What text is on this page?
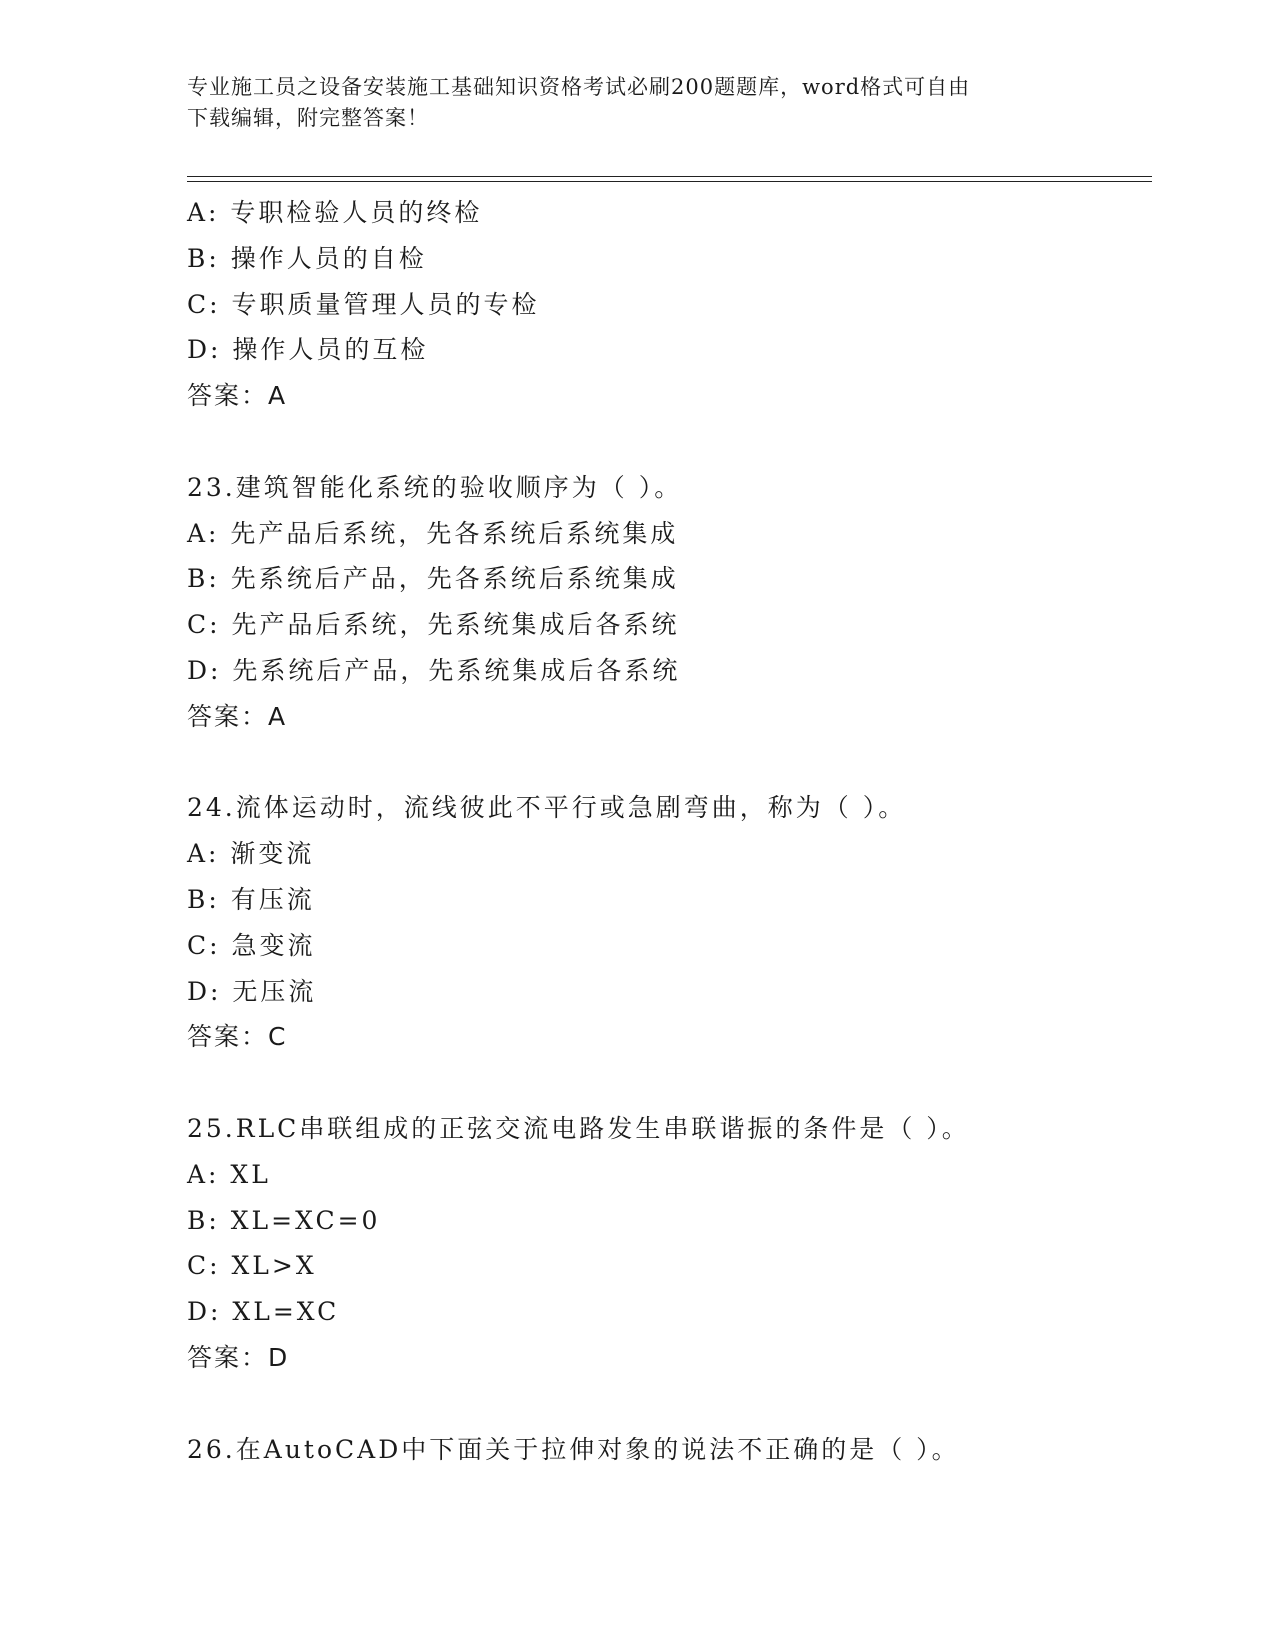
专业施工员之设备安装施工基础知识资格考试必刷200题题库，word格式可自由
下载编辑，附完整答案！
A: 专职检验人员的终检
B: 操作人员的自检
C: 专职质量管理人员的专检
D: 操作人员的互检
答案：A
23.建筑智能化系统的验收顺序为（ ）。
A: 先产品后系统，先各系统后系统集成
B: 先系统后产品，先各系统后系统集成
C: 先产品后系统，先系统集成后各系统
D: 先系统后产品，先系统集成后各系统
答案：A
24.流体运动时，流线彼此不平行或急剧弯曲，称为（ ）。
A: 渐变流
B: 有压流
C: 急变流
D: 无压流
答案：C
25.RLC串联组成的正弦交流电路发生串联谐振的条件是（ ）。
A: XL
B: XL=XC=0
C: XL>X
D: XL=XC
答案：D
26.在AutoCAD中下面关于拉伸对象的说法不正确的是（ ）。
